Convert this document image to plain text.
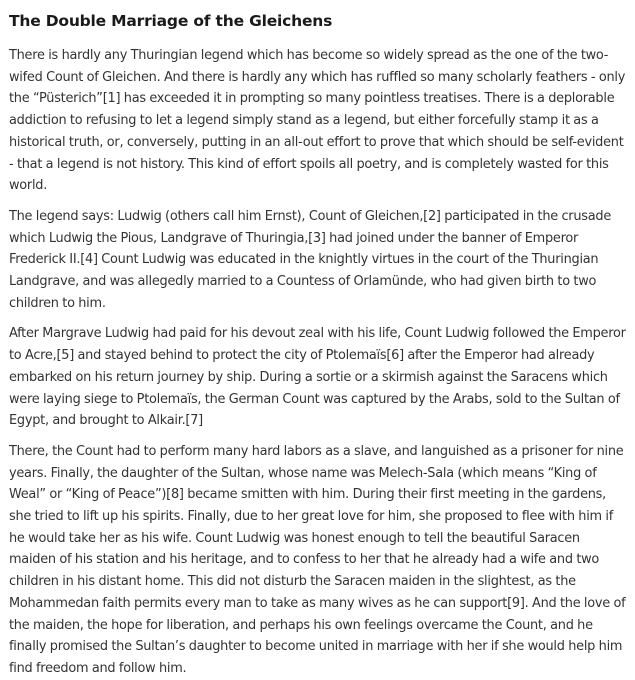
The Double Marriage of the Gleichens

There is hardly any Thuringian legend which has become so widely spread as the one of the two-wifed Count of Gleichen. And there is hardly any which has ruffled so many scholarly feathers - only the “Püsterich”[1] has exceeded it in prompting so many pointless treatises. There is a deplorable addiction to refusing to let a legend simply stand as a legend, but either forcefully stamp it as a historical truth, or, conversely, putting in an all-out effort to prove that which should be self-evident - that a legend is not history. This kind of effort spoils all poetry, and is completely wasted for this world.

The legend says: Ludwig (others call him Ernst), Count of Gleichen,[2] participated in the crusade which Ludwig the Pious, Landgrave of Thuringia,[3] had joined under the banner of Emperor Frederick II.[4] Count Ludwig was educated in the knightly virtues in the court of the Thuringian Landgrave, and was allegedly married to a Countess of Orlamünde, who had given birth to two children to him.

After Margrave Ludwig had paid for his devout zeal with his life, Count Ludwig followed the Emperor to Acre,[5] and stayed behind to protect the city of Ptolemaïs[6] after the Emperor had already embarked on his return journey by ship. During a sortie or a skirmish against the Saracens which were laying siege to Ptolemaïs, the German Count was captured by the Arabs, sold to the Sultan of Egypt, and brought to Alkair.[7]

There, the Count had to perform many hard labors as a slave, and languished as a prisoner for nine years. Finally, the daughter of the Sultan, whose name was Melech-Sala (which means “King of Weal” or “King of Peace”)[8] became smitten with him. During their first meeting in the gardens, she tried to lift up his spirits. Finally, due to her great love for him, she proposed to flee with him if he would take her as his wife. Count Ludwig was honest enough to tell the beautiful Saracen maiden of his station and his heritage, and to confess to her that he already had a wife and two children in his distant home. This did not disturb the Saracen maiden in the slightest, as the Mohammedan faith permits every man to take as many wives as he can support[9]. And the love of the maiden, the hope for liberation, and perhaps his own feelings overcame the Count, and he finally promised the Sultan’s daughter to become united in marriage with her if she would help him find freedom and follow him.
